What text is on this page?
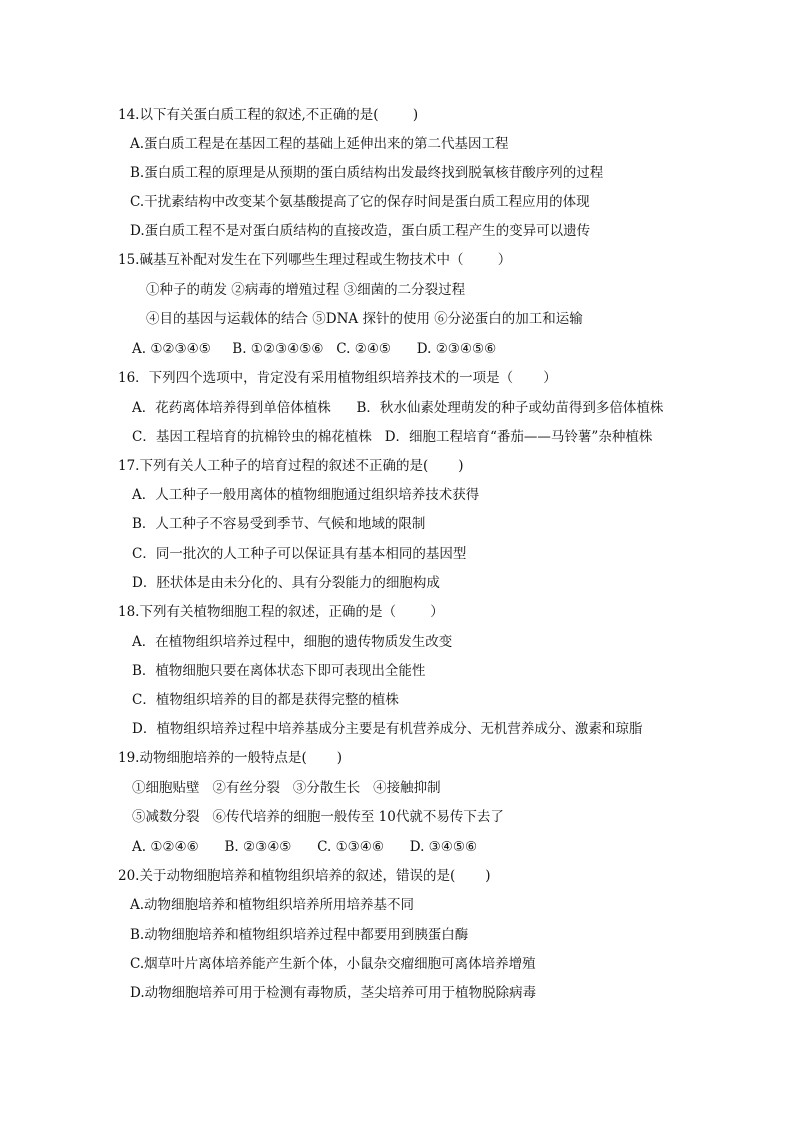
14.以下有关蛋白质工程的叙述,不正确的是(        )
A.蛋白质工程是在基因工程的基础上延伸出来的第二代基因工程
B.蛋白质工程的原理是从预期的蛋白质结构出发最终找到脱氧核苷酸序列的过程
C.干扰素结构中改变某个氨基酸提高了它的保存时间是蛋白质工程应用的体现
D.蛋白质工程不是对蛋白质结构的直接改造，蛋白质工程产生的变异可以遗传
15.碱基互补配对发生在下列哪些生理过程或生物技术中（        ）
①种子的萌发 ②病毒的增殖过程 ③细菌的二分裂过程
④目的基因与运载体的结合 ⑤DNA 探针的使用 ⑥分泌蛋白的加工和运输
A. ①②③④⑤     B. ①②③④⑤⑥   C. ②④⑤      D. ②③④⑤⑥
16．下列四个选项中，肯定没有采用植物组织培养技术的一项是（       ）
A．花药离体培养得到单倍体植株      B．秋水仙素处理萌发的种子或幼苗得到多倍体植株
C．基因工程培育的抗棉铃虫的棉花植株   D．细胞工程培育“番茄——马铃薯”杂种植株
17.下列有关人工种子的培育过程的叙述不正确的是(       )
A．人工种子一般用离体的植物细胞通过组织培养技术获得
B．人工种子不容易受到季节、气候和地域的限制
C．同一批次的人工种子可以保证具有基本相同的基因型
D．胚状体是由未分化的、具有分裂能力的细胞构成
18.下列有关植物细胞工程的叙述，正确的是（        ）
A．在植物组织培养过程中，细胞的遗传物质发生改变
B．植物细胞只要在离体状态下即可表现出全能性
C．植物组织培养的目的都是获得完整的植株
D．植物组织培养过程中培养基成分主要是有机营养成分、无机营养成分、激素和琼脂
19.动物细胞培养的一般特点是(       )
①细胞贴壁   ②有丝分裂   ③分散生长   ④接触抑制
⑤减数分裂   ⑥传代培养的细胞一般传至 10代就不易传下去了
A. ①②④⑥      B. ②③④⑤      C. ①③④⑥      D. ③④⑤⑥
20.关于动物细胞培养和植物组织培养的叙述，错误的是(       )
A.动物细胞培养和植物组织培养所用培养基不同
B.动物细胞培养和植物组织培养过程中都要用到胰蛋白酶
C.烟草叶片离体培养能产生新个体，小鼠杂交瘤细胞可离体培养增殖
D.动物细胞培养可用于检测有毒物质，茎尖培养可用于植物脱除病毒
